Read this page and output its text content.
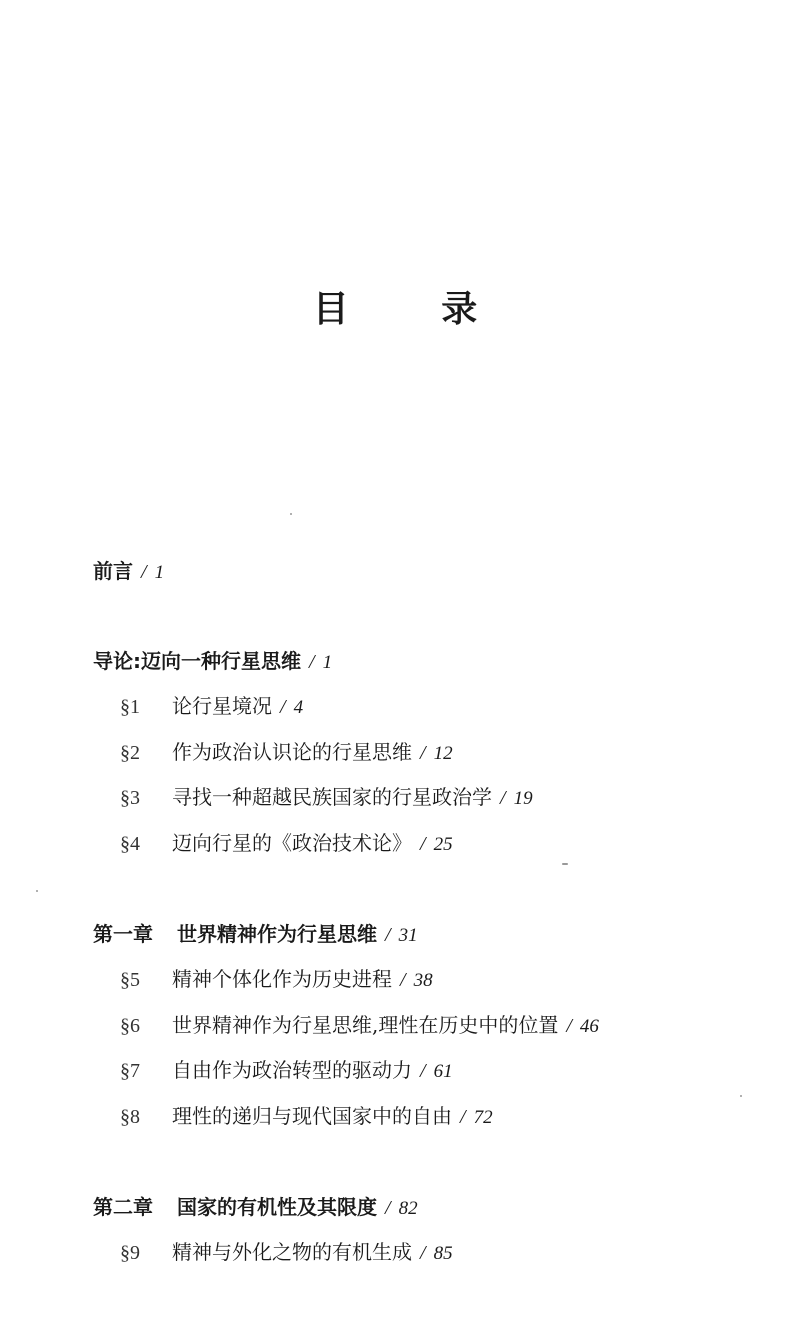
目 录
前言 / 1
导论:迈向一种行星思维 / 1
§1 论行星境况 / 4
§2 作为政治认识论的行星思维 / 12
§3 寻找一种超越民族国家的行星政治学 / 19
§4 迈向行星的《政治技术论》 / 25
第一章 世界精神作为行星思维 / 31
§5 精神个体化作为历史进程 / 38
§6 世界精神作为行星思维,理性在历史中的位置 / 46
§7 自由作为政治转型的驱动力 / 61
§8 理性的递归与现代国家中的自由 / 72
第二章 国家的有机性及其限度 / 82
§9 精神与外化之物的有机生成 / 85
